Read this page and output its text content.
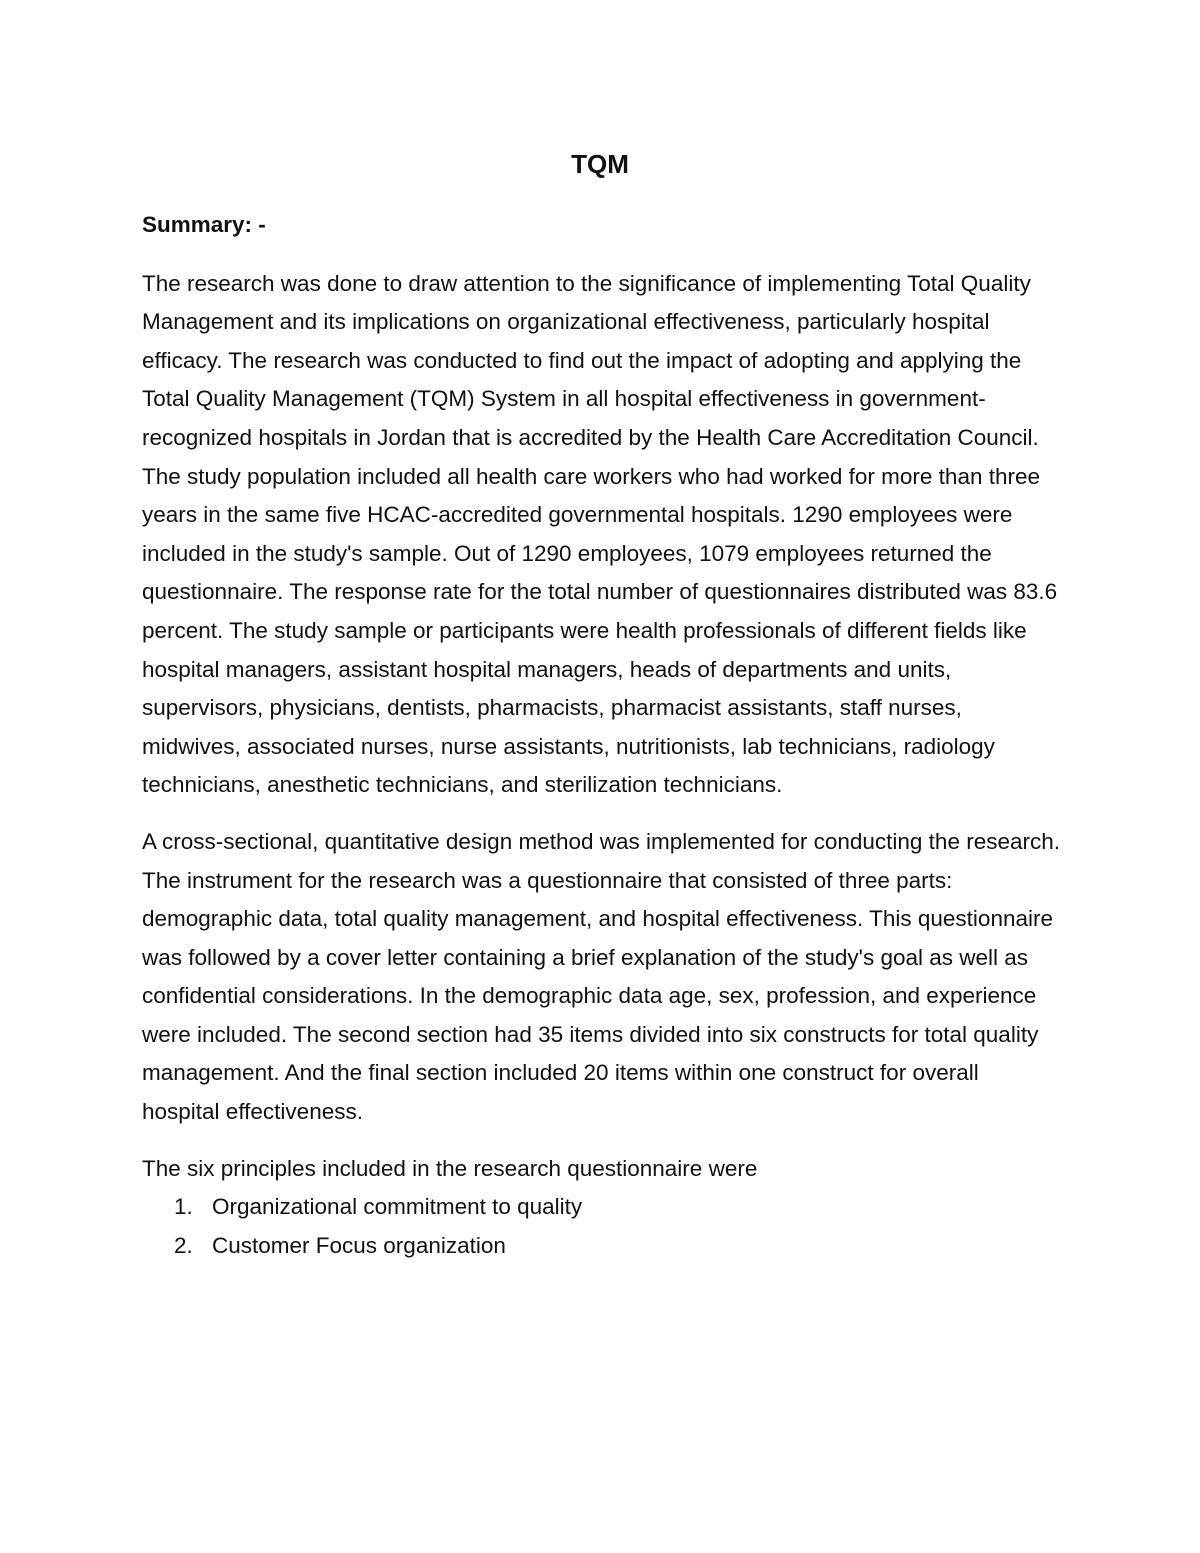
TQM
Summary: -

The research was done to draw attention to the significance of implementing Total Quality Management and its implications on organizational effectiveness, particularly hospital efficacy. The research was conducted to find out the impact of adopting and applying the Total Quality Management (TQM) System in all hospital effectiveness in government-recognized hospitals in Jordan that is accredited by the Health Care Accreditation Council. The study population included all health care workers who had worked for more than three years in the same five HCAC-accredited governmental hospitals. 1290 employees were included in the study's sample. Out of 1290 employees, 1079 employees returned the questionnaire. The response rate for the total number of questionnaires distributed was 83.6 percent. The study sample or participants were health professionals of different fields like hospital managers, assistant hospital managers, heads of departments and units, supervisors, physicians, dentists, pharmacists, pharmacist assistants, staff nurses, midwives, associated nurses, nurse assistants, nutritionists, lab technicians, radiology technicians, anesthetic technicians, and sterilization technicians.

A cross-sectional, quantitative design method was implemented for conducting the research. The instrument for the research was a questionnaire that consisted of three parts: demographic data, total quality management, and hospital effectiveness. This questionnaire was followed by a cover letter containing a brief explanation of the study's goal as well as confidential considerations. In the demographic data age, sex, profession, and experience were included. The second section had 35 items divided into six constructs for total quality management. And the final section included 20 items within one construct for overall hospital effectiveness.

The six principles included in the research questionnaire were

1. Organizational commitment to quality
2. Customer Focus organization
